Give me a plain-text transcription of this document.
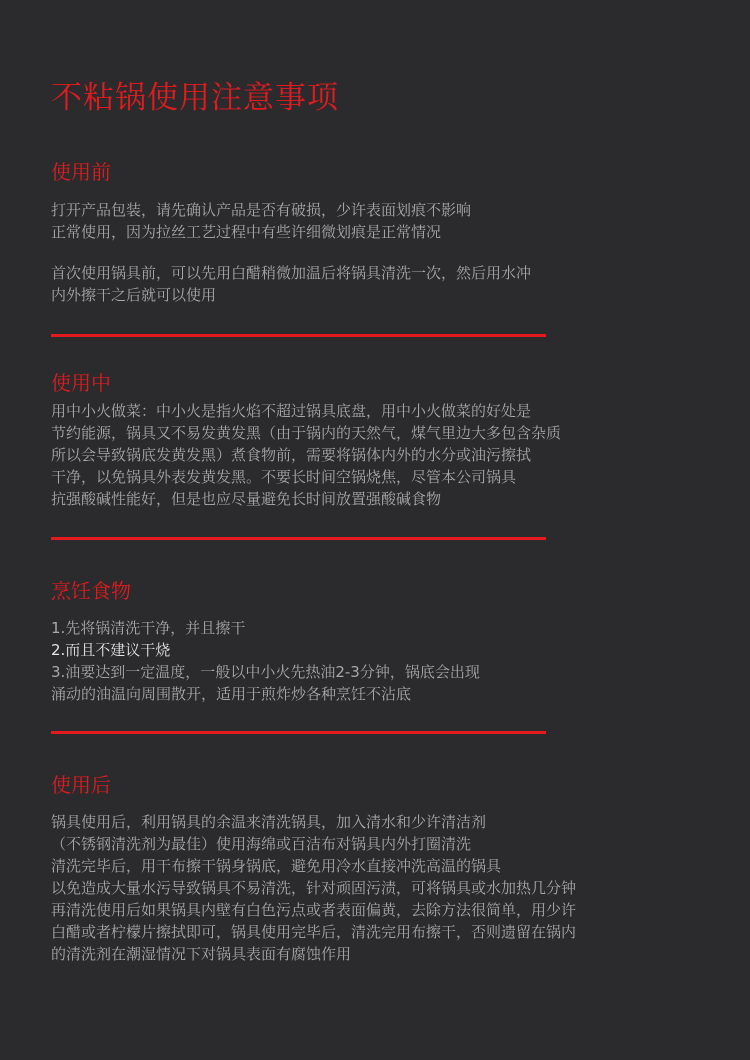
不粘锅使用注意事项
使用前
打开产品包装，请先确认产品是否有破损，少许表面划痕不影响
正常使用，因为拉丝工艺过程中有些许细微划痕是正常情况
首次使用锅具前，可以先用白醋稍微加温后将锅具清洗一次，然后用水冲
内外擦干之后就可以使用
使用中
用中小火做菜：中小火是指火焰不超过锅具底盘，用中小火做菜的好处是
节约能源，锅具又不易发黄发黑（由于锅内的天然气，煤气里边大多包含杂质
所以会导致锅底发黄发黑）煮食物前，需要将锅体内外的水分或油污擦拭
干净，以免锅具外表发黄发黑。不要长时间空锅烧焦，尽管本公司锅具
抗强酸碱性能好，但是也应尽量避免长时间放置强酸碱食物
烹饪食物
1.先将锅清洗干净，并且擦干
2.而且不建议干烧
3.油要达到一定温度，一般以中小火先热油2-3分钟，锅底会出现
涌动的油温向周围散开，适用于煎炸炒各种烹饪不沾底
使用后
锅具使用后，利用锅具的余温来清洗锅具，加入清水和少许清洁剂
（不锈钢清洗剂为最佳）使用海绵或百洁布对锅具内外打圈清洗
清洗完毕后，用干布擦干锅身锅底，避免用冷水直接冲洗高温的锅具
以免造成大量水污导致锅具不易清洗，针对顽固污渍，可将锅具或水加热几分钟
再清洗使用后如果锅具内壁有白色污点或者表面偏黄，去除方法很简单，用少许
白醋或者柠檬片擦拭即可，锅具使用完毕后，清洗完用布擦干，否则遗留在锅内
的清洗剂在潮湿情况下对锅具表面有腐蚀作用
